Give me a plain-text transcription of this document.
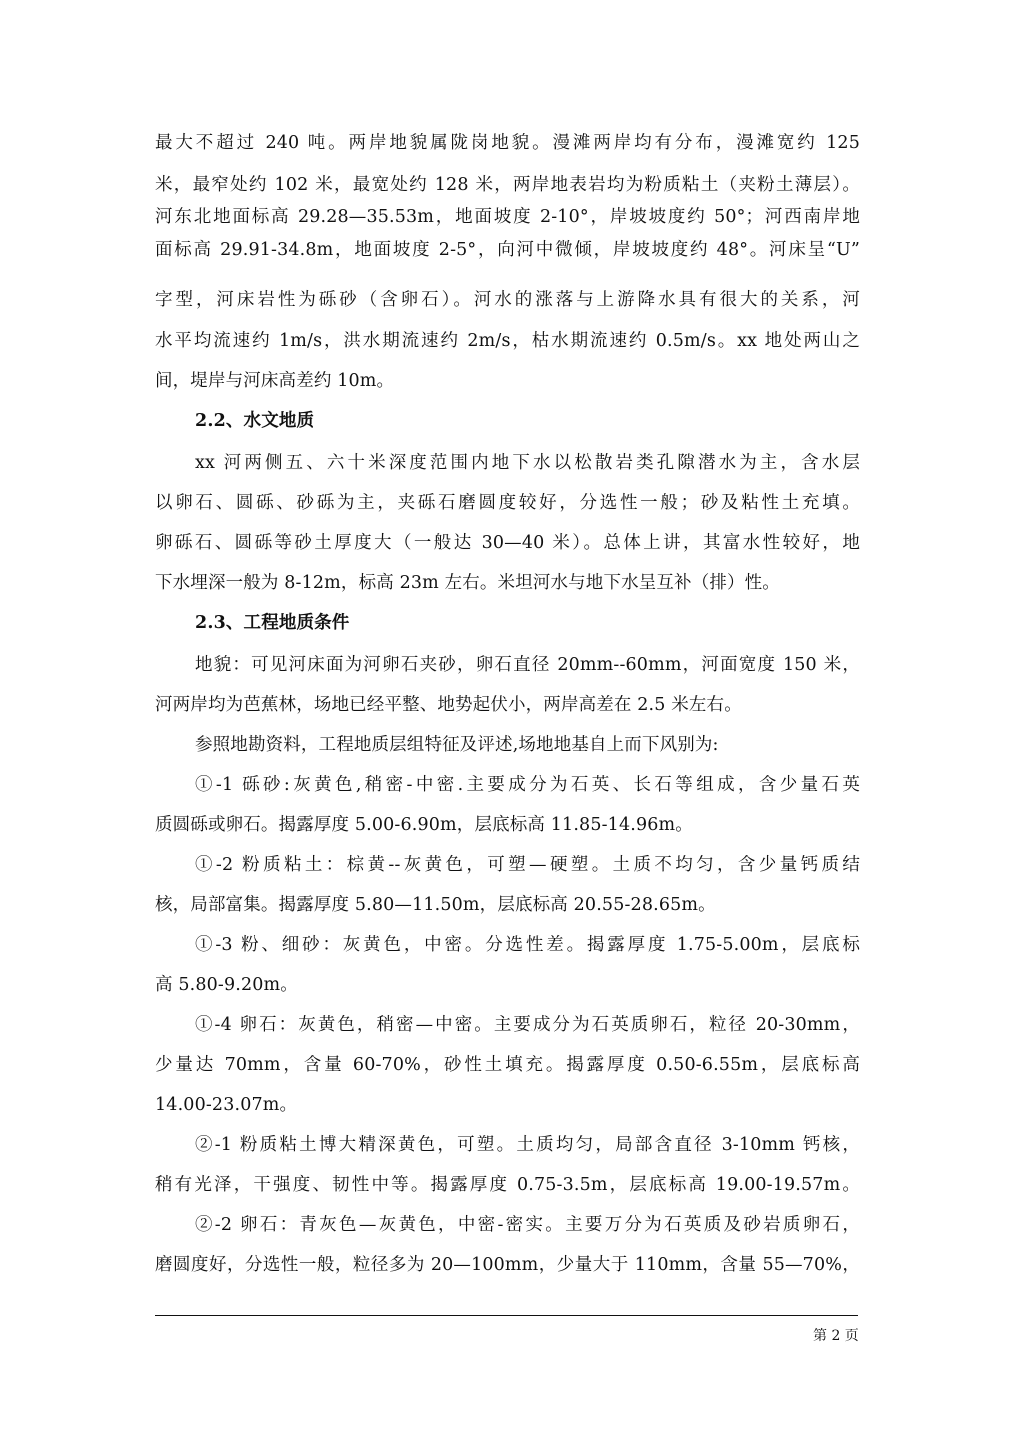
最大不超过 240 吨。两岸地貌属陇岗地貌。漫滩两岸均有分布，漫滩宽约 125
米，最窄处约 102 米，最宽处约 128 米，两岸地表岩均为粉质粘土（夹粉土薄层）。
河东北地面标高 29.28—35.53m，地面坡度 2-10°，岸坡坡度约 50°；河西南岸地
面标高 29.91-34.8m，地面坡度 2-5°，向河中微倾，岸坡坡度约 48°。河床呈“U”
字型，河床岩性为砾砂（含卵石）。河水的涨落与上游降水具有很大的关系，河
水平均流速约 1m/s，洪水期流速约 2m/s，枯水期流速约 0.5m/s。xx 地处两山之
间，堤岸与河床高差约 10m。
2.2、水文地质
xx 河两侧五、六十米深度范围内地下水以松散岩类孔隙潜水为主，含水层
以卵石、圆砾、砂砾为主，夹砾石磨圆度较好，分选性一般；砂及粘性土充填。
卵砾石、圆砾等砂土厚度大（一般达 30—40 米）。总体上讲，其富水性较好，地
下水埋深一般为 8-12m，标高 23m 左右。米坦河水与地下水呈互补（排）性。
2.3、工程地质条件
地貌：可见河床面为河卵石夹砂，卵石直径 20mm--60mm，河面宽度 150 米，
河两岸均为芭蕉林，场地已经平整、地势起伏小，两岸高差在 2.5 米左右。
参照地勘资料，工程地质层组特征及评述,场地地基自上而下风别为:
①-1 砾砂:灰黄色,稍密-中密.主要成分为石英、长石等组成，含少量石英
质圆砾或卵石。揭露厚度 5.00-6.90m，层底标高 11.85-14.96m。
①-2 粉质粘土：棕黄--灰黄色，可塑—硬塑。土质不均匀，含少量钙质结
核，局部富集。揭露厚度 5.80—11.50m，层底标高 20.55-28.65m。
①-3 粉、细砂：灰黄色，中密。分选性差。揭露厚度 1.75-5.00m，层底标
高 5.80-9.20m。
①-4 卵石：灰黄色，稍密—中密。主要成分为石英质卵石，粒径 20-30mm，
少量达 70mm，含量 60-70%，砂性土填充。揭露厚度 0.50-6.55m，层底标高
14.00-23.07m。
②-1 粉质粘土博大精深黄色，可塑。土质均匀，局部含直径 3-10mm 钙核，
稍有光泽，干强度、韧性中等。揭露厚度 0.75-3.5m，层底标高 19.00-19.57m。
②-2 卵石：青灰色—灰黄色，中密-密实。主要万分为石英质及砂岩质卵石，
磨圆度好，分选性一般，粒径多为 20—100mm，少量大于 110mm，含量 55—70%，
第 2 页
